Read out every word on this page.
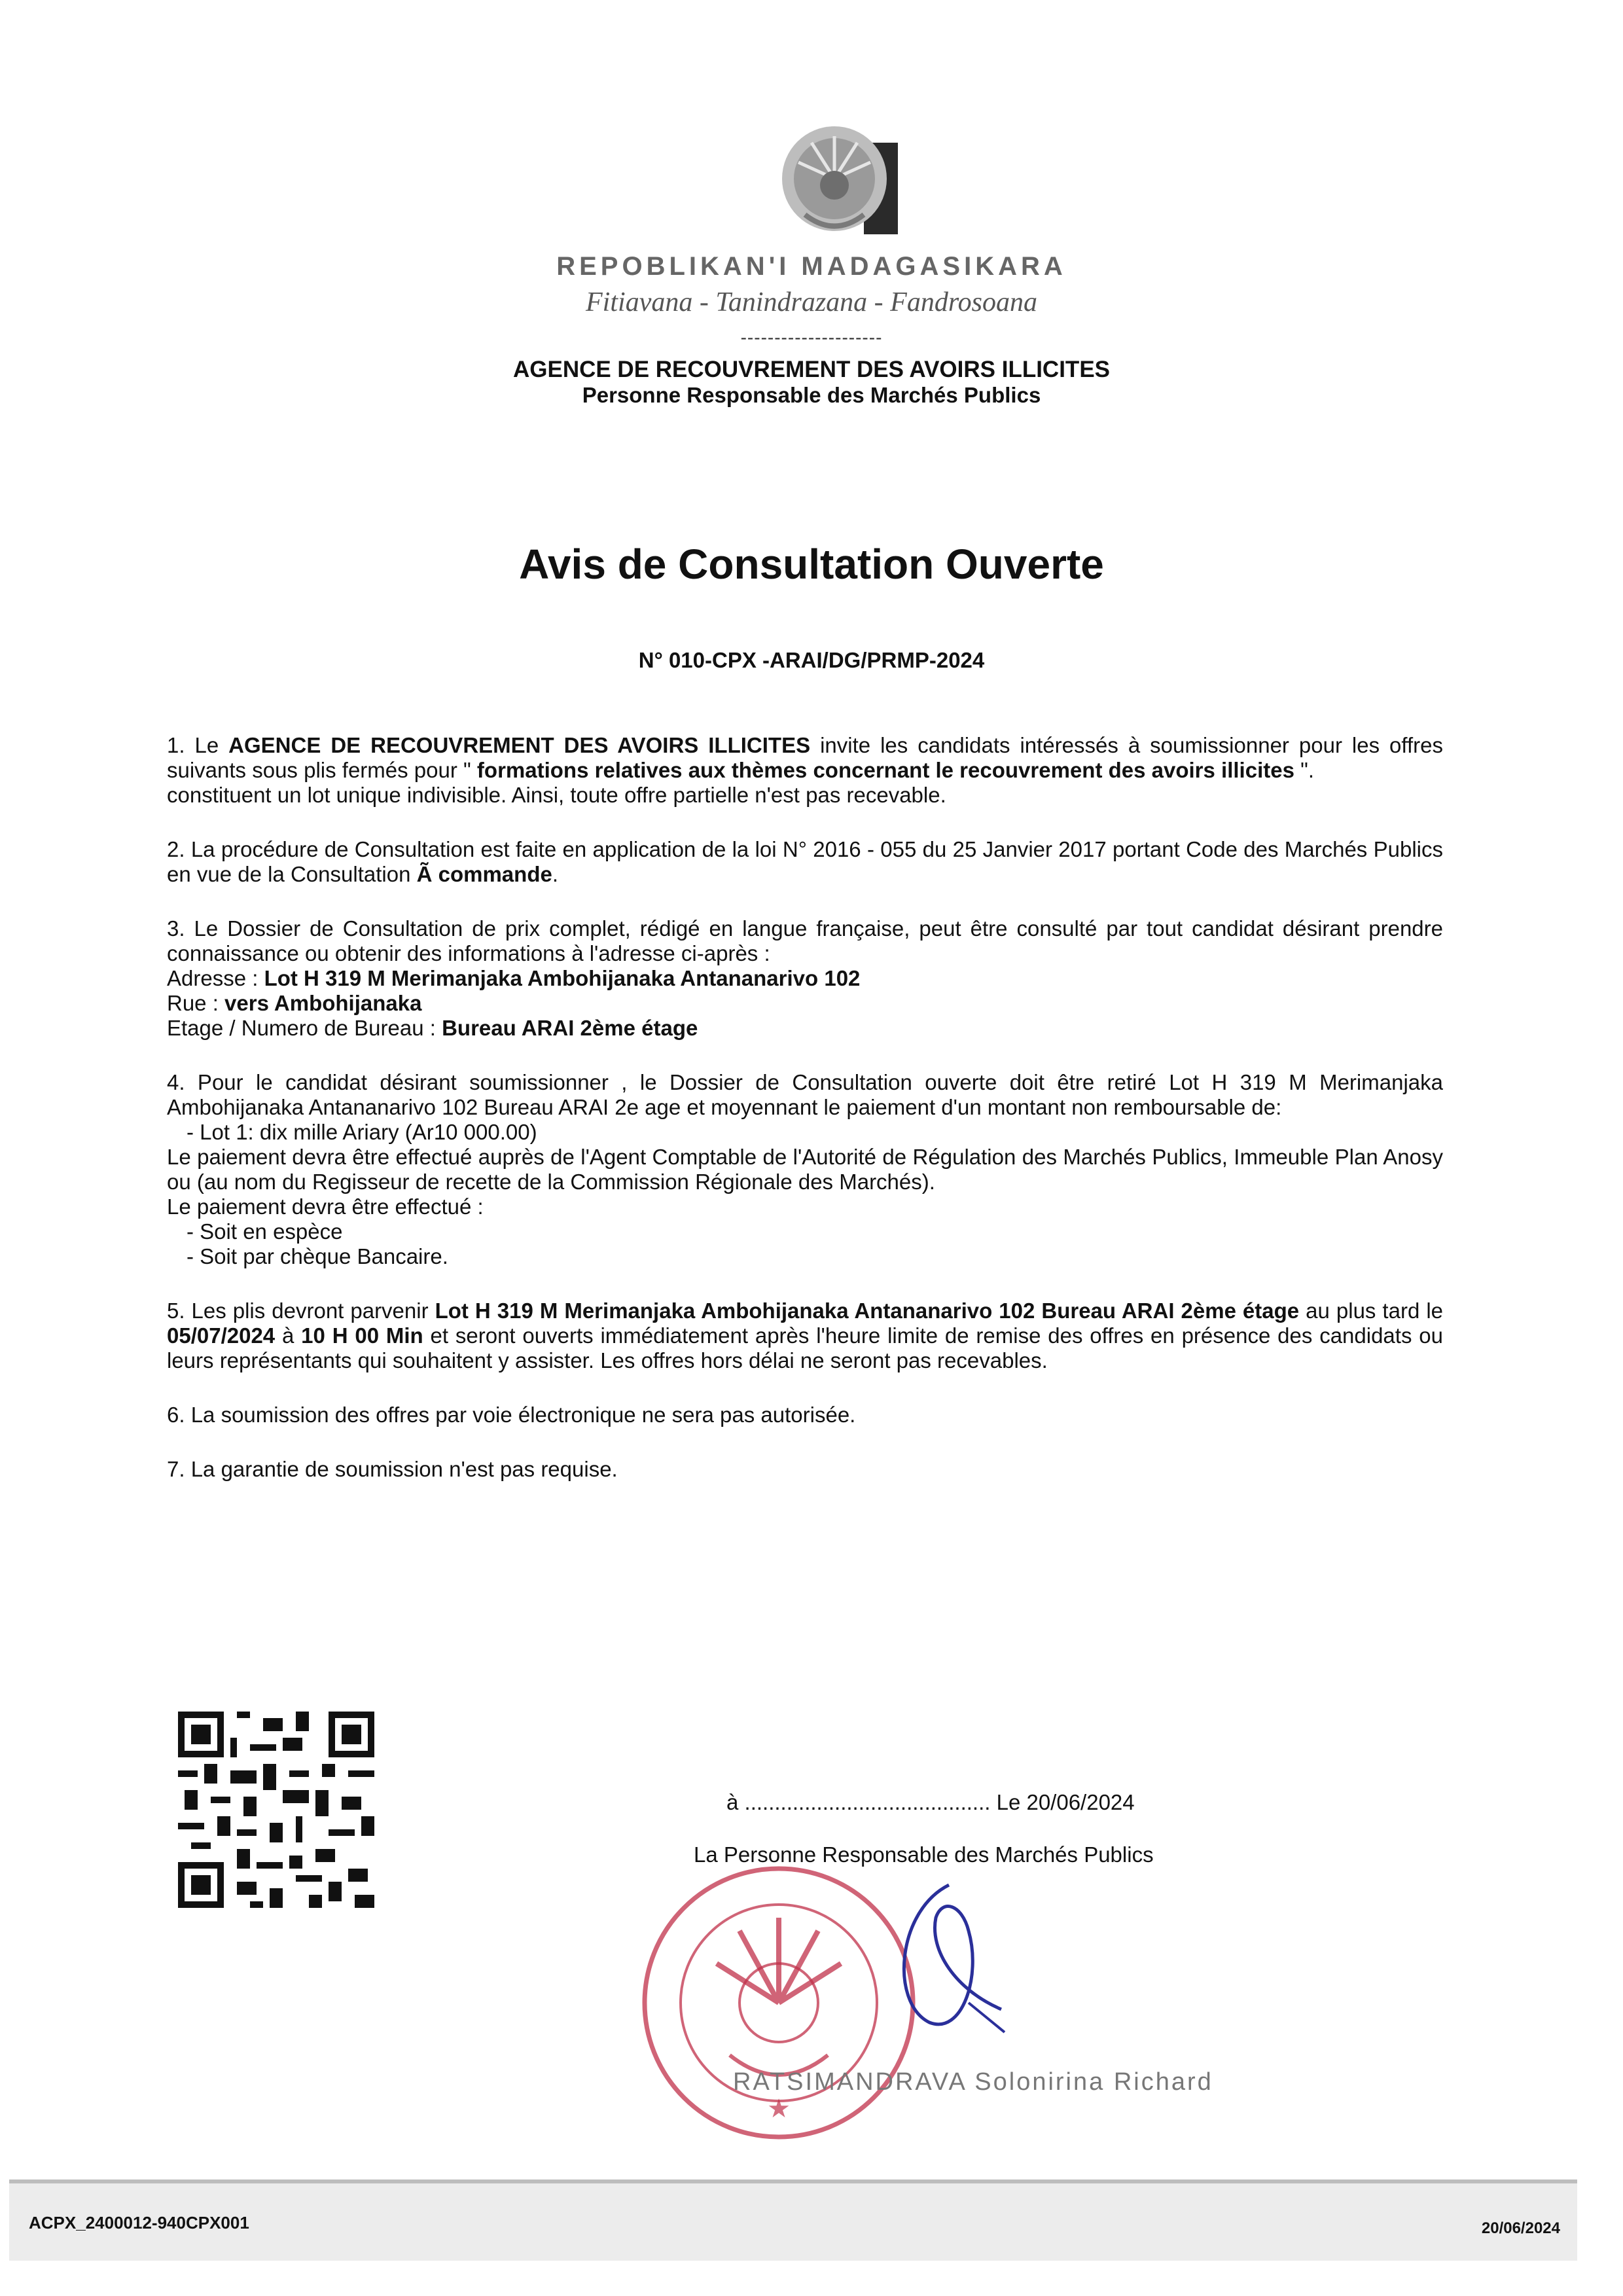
REPOBLIKAN'I MADAGASIKARA
Fitiavana - Tanindrazana - Fandrosoana
---------------------
AGENCE DE RECOUVREMENT DES AVOIRS ILLICITES
Personne Responsable des Marchés Publics
Avis de Consultation Ouverte
N° 010-CPX -ARAI/DG/PRMP-2024

1. Le AGENCE DE RECOUVREMENT DES AVOIRS ILLICITES invite les candidats intéressés à soumissionner pour les offres suivants sous plis fermés pour " formations relatives aux thèmes concernant le recouvrement des avoirs illicites ".

constituent un lot unique indivisible. Ainsi, toute offre partielle n'est pas recevable.

2. La procédure de Consultation est faite en application de la loi N° 2016 - 055 du 25 Janvier 2017 portant Code des Marchés Publics en vue de la Consultation Ã commande.

3. Le Dossier de Consultation de prix complet, rédigé en langue française, peut être consulté par tout candidat désirant prendre connaissance ou obtenir des informations à l'adresse ci-après :

Adresse : Lot H 319 M Merimanjaka Ambohijanaka Antananarivo 102

Rue : vers Ambohijanaka

Etage / Numero de Bureau : Bureau ARAI 2ème étage

4. Pour le candidat désirant soumissionner , le Dossier de Consultation ouverte doit être retiré Lot H 319 M Merimanjaka Ambohijanaka Antananarivo 102 Bureau ARAI 2e age et moyennant le paiement d'un montant non remboursable de:

- Lot 1: dix mille Ariary (Ar10 000.00)

Le paiement devra être effectué auprès de l'Agent Comptable de l'Autorité de Régulation des Marchés Publics, Immeuble Plan Anosy ou (au nom du Regisseur de recette de la Commission Régionale des Marchés).

Le paiement devra être effectué :

- Soit en espèce

- Soit par chèque Bancaire.

5. Les plis devront parvenir Lot H 319 M Merimanjaka Ambohijanaka Antananarivo 102 Bureau ARAI 2ème étage au plus tard le 05/07/2024 à 10 H 00 Min et seront ouverts immédiatement après l'heure limite de remise des offres en présence des candidats ou leurs représentants qui souhaitent y assister. Les offres hors délai ne seront pas recevables.

6. La soumission des offres par voie électronique ne sera pas autorisée.

7. La garantie de soumission n'est pas requise.

à ......................................... Le 20/06/2024
La Personne Responsable des Marchés Publics
★
RATSIMANDRAVA Solonirina Richard
ACPX_2400012-940CPX001	20/06/2024
